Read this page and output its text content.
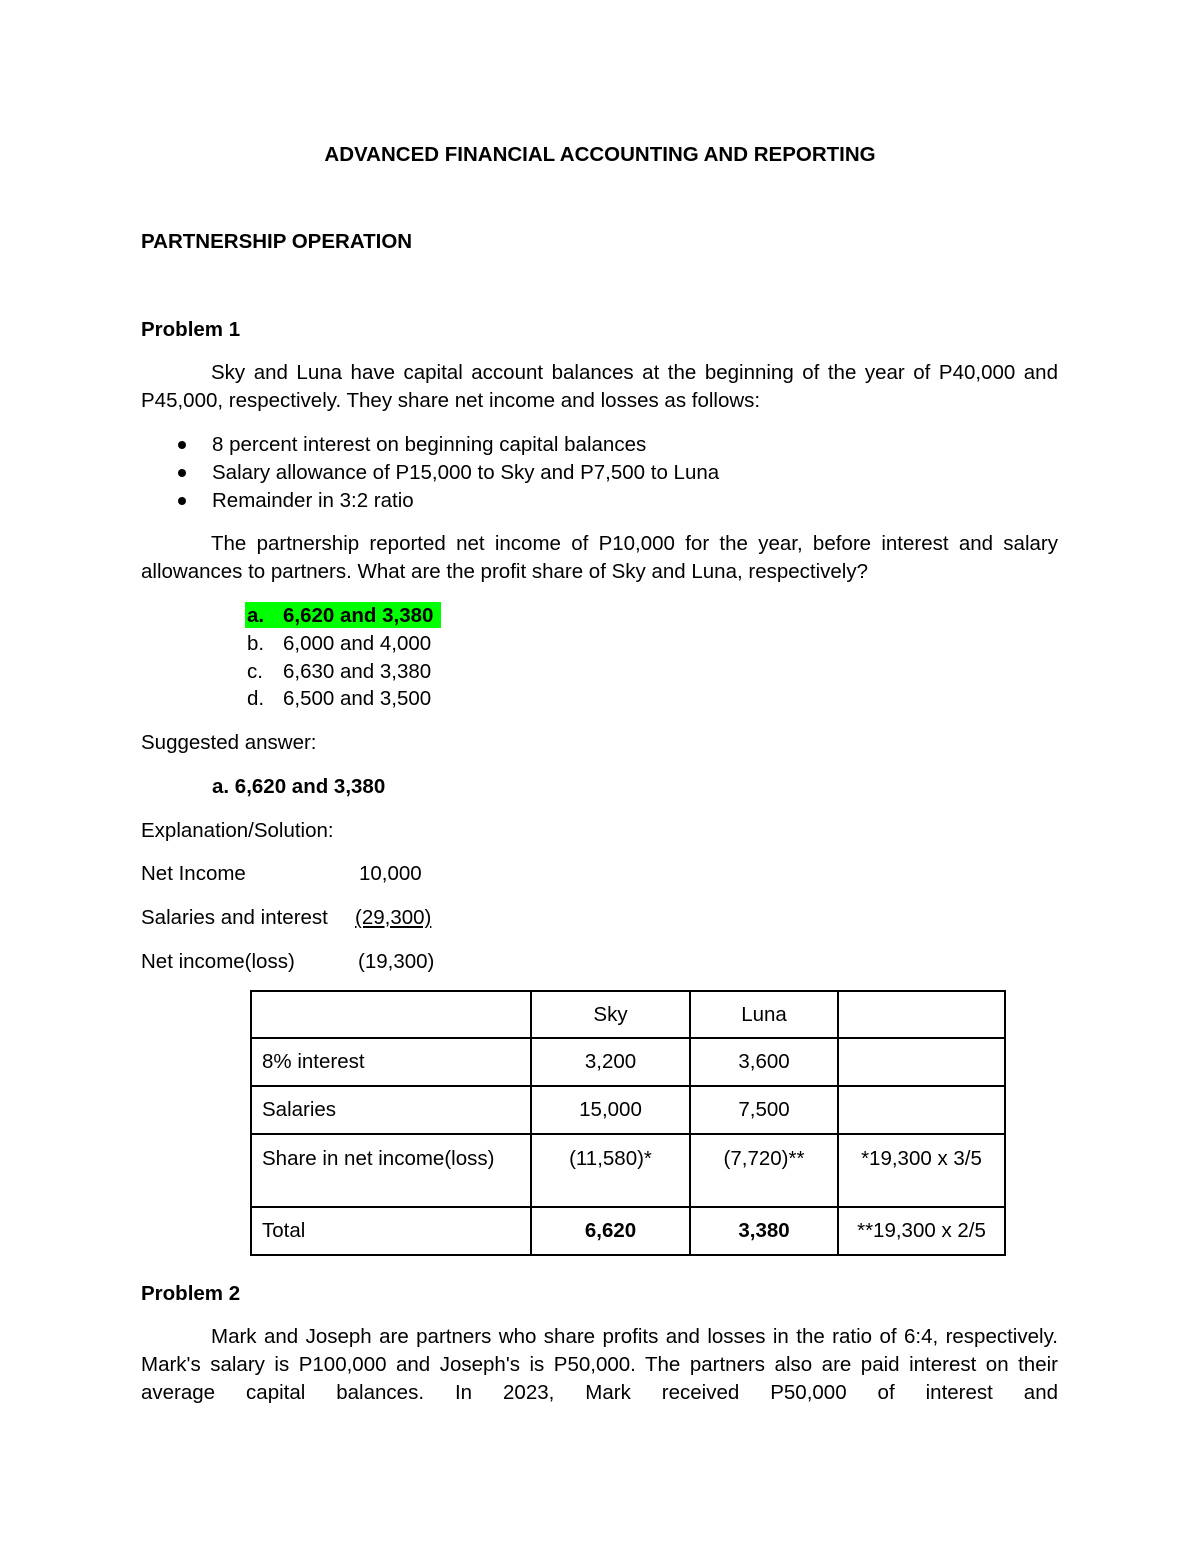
ADVANCED FINANCIAL ACCOUNTING AND REPORTING
PARTNERSHIP OPERATION
Problem 1
Sky and Luna have capital account balances at the beginning of the year of P40,000 and P45,000, respectively. They share net income and losses as follows:
8 percent interest on beginning capital balances
Salary allowance of P15,000 to Sky and P7,500 to Luna
Remainder in 3:2 ratio
The partnership reported net income of P10,000 for the year, before interest and salary allowances to partners. What are the profit share of Sky and Luna, respectively?
a. 6,620 and 3,380
b. 6,000 and 4,000
c. 6,630 and 3,380
d. 6,500 and 3,500
Suggested answer:
a. 6,620 and 3,380
Explanation/Solution:
Net Income	10,000
Salaries and interest (29,300)
Net income(loss)	(19,300)
	Sky	Luna	
8% interest	3,200	3,600	
Salaries	15,000	7,500	
Share in net income(loss)	(11,580)*	(7,720)**	*19,300 x 3/5
Total	6,620	3,380	**19,300 x 2/5
Problem 2
Mark and Joseph are partners who share profits and losses in the ratio of 6:4, respectively. Mark's salary is P100,000 and Joseph's is P50,000. The partners also are paid interest on their average capital balances. In 2023, Mark received P50,000 of interest and
